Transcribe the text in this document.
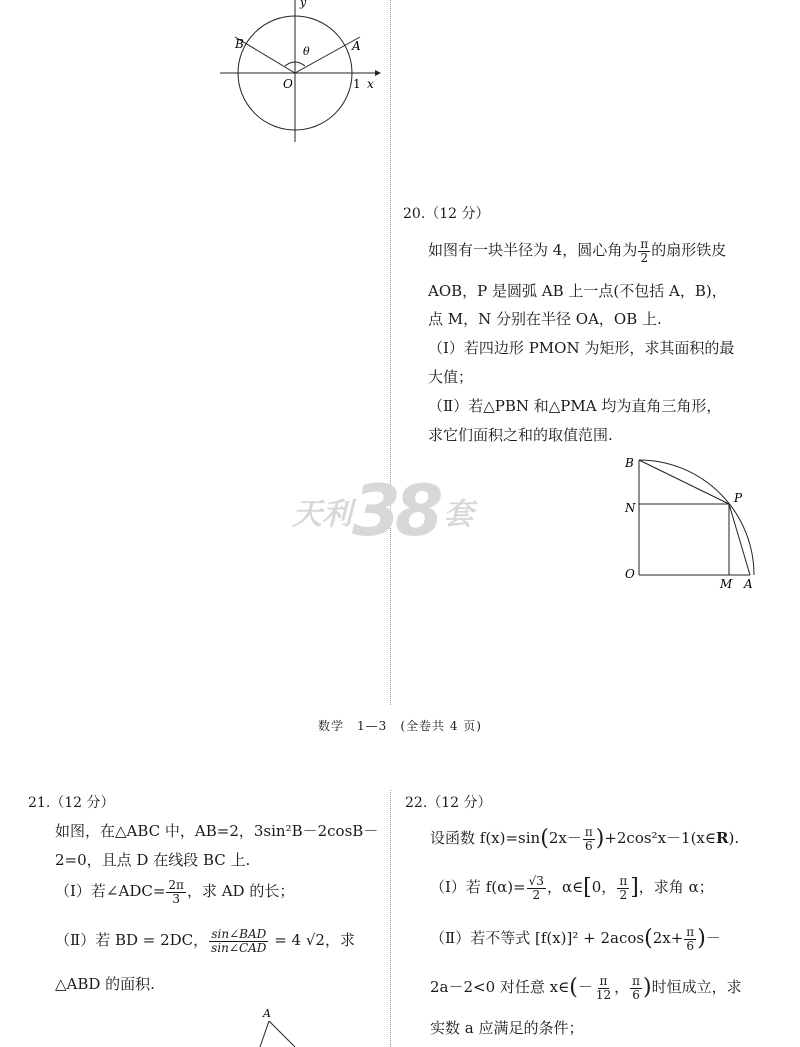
y
x
1
O
A
B
θ
20.（12 分）
如图有一块半径为 4，圆心角为 $\frac{\pi}{2}$ 的扇形铁皮
AOB，P 是圆弧 AB 上一点(不包括 A，B)，
点 M，N 分别在半径 OA，OB 上.
（Ⅰ）若四边形 PMON 为矩形，求其面积的最
大值；
（Ⅱ）若△PBN 和△PMA 均为直角三角形，
求它们面积之和的取值范围.
B
N
P
O
M A
天利38 套
数学　1—3　(全卷共 4 页)
21.（12 分）
如图，在△ABC 中，AB=2，3sin²B－2cosB－
2=0，且点 D 在线段 BC 上.
（Ⅰ）若∠ADC= $\frac{2\pi}{3}$ ，求 AD 的长；
（Ⅱ）若 BD = 2DC， $\frac{\text{sin∠BAD}}{\text{sin∠CAD}} = 4$ √2，求
△ABD 的面积.
A
22.（12 分）
设函数 $f(x)=\sin(2x- \frac{\pi}{6}$ )+2cos²x－1(x∈R).
（Ⅰ）若 $f(\alpha)= \frac{√3}{2}$ ，α∈[0， $\frac{\pi}{2}$ ]，求角 α；
（Ⅱ）若不等式 $[f(x)]^2 + 2acos(2x+ \frac{\pi}{6}$ )－
2a－2<0 对任意 x∈(－ $\frac{\pi}{12}$ ， $\frac{\pi}{6}$ )时恒成立，求
实数 a 应满足的条件；
